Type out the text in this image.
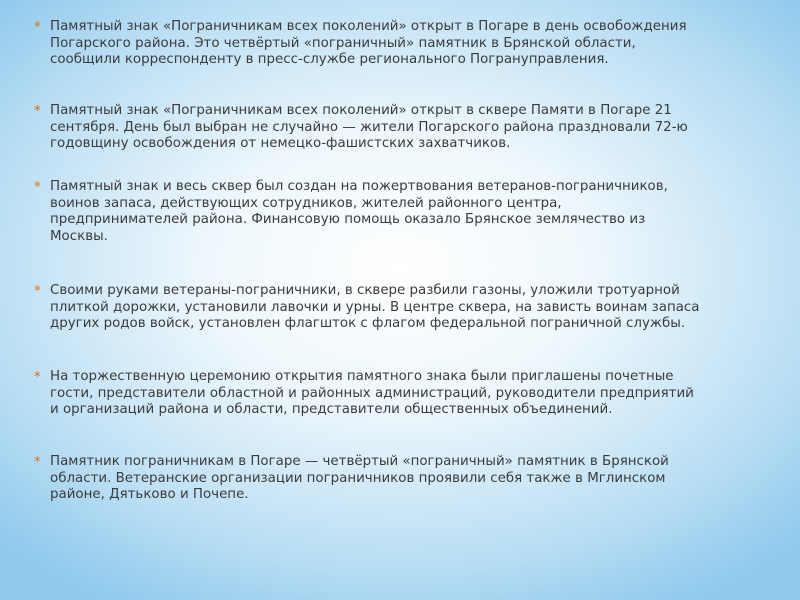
* Памятный знак «Пограничникам всех поколений» открыт в Погаре в день освобождения
Погарского района. Это четвёртый «пограничный» памятник в Брянской области,
сообщили корреспонденту в пресс-службе регионального Погрануправления.
* Памятный знак «Пограничникам всех поколений» открыт в сквере Памяти в Погаре 21
сентября. День был выбран не случайно — жители Погарского района праздновали 72-ю
годовщину освобождения от немецко-фашистских захватчиков.
* Памятный знак и весь сквер был создан на пожертвования ветеранов-пограничников,
воинов запаса, действующих сотрудников, жителей районного центра,
предпринимателей района. Финансовую помощь оказало Брянское землячество из
Москвы.
* Своими руками ветераны-пограничники, в сквере разбили газоны, уложили тротуарной
плиткой дорожки, установили лавочки и урны. В центре сквера, на зависть воинам запаса
других родов войск, установлен флагшток с флагом федеральной пограничной службы.
* На торжественную церемонию открытия памятного знака были приглашены почетные
гости, представители областной и районных администраций, руководители предприятий
и организаций района и области, представители общественных объединений.
* Памятник пограничникам в Погаре — четвёртый «пограничный» памятник в Брянской
области. Ветеранские организации пограничников проявили себя также в Мглинском
районе, Дятьково и Почепе.
